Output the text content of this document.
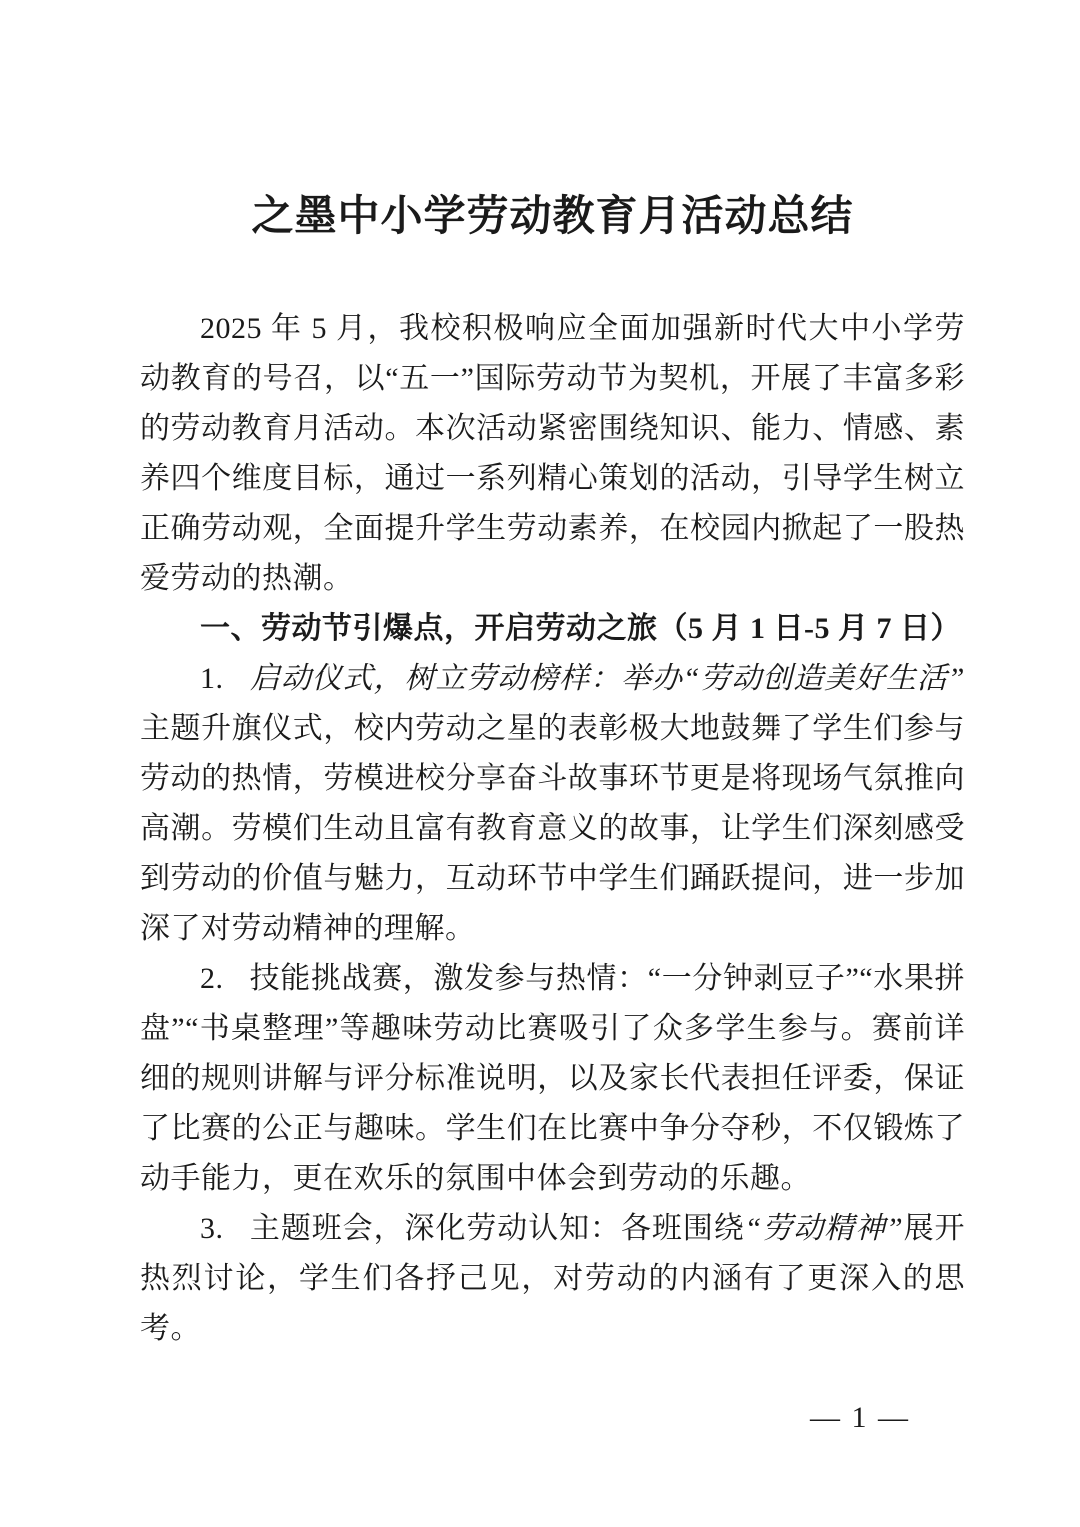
之墨中小学劳动教育月活动总结

2025 年 5 月，我校积极响应全面加强新时代大中小学劳动教育的号召，以“五一”国际劳动节为契机，开展了丰富多彩的劳动教育月活动。本次活动紧密围绕知识、能力、情感、素养四个维度目标，通过一系列精心策划的活动，引导学生树立正确劳动观，全面提升学生劳动素养，在校园内掀起了一股热爱劳动的热潮。

一、劳动节引爆点，开启劳动之旅（5 月 1 日-5 月 7 日）

1. 启动仪式，树立劳动榜样：举办“劳动创造美好生活”主题升旗仪式，校内劳动之星的表彰极大地鼓舞了学生们参与劳动的热情，劳模进校分享奋斗故事环节更是将现场气氛推向高潮。劳模们生动且富有教育意义的故事，让学生们深刻感受到劳动的价值与魅力，互动环节中学生们踊跃提问，进一步加深了对劳动精神的理解。

2. 技能挑战赛，激发参与热情：“一分钟剥豆子”“水果拼盘”“书桌整理”等趣味劳动比赛吸引了众多学生参与。赛前详细的规则讲解与评分标准说明，以及家长代表担任评委，保证了比赛的公正与趣味。学生们在比赛中争分夺秒，不仅锻炼了动手能力，更在欢乐的氛围中体会到劳动的乐趣。

3. 主题班会，深化劳动认知：各班围绕“劳动精神”展开热烈讨论，学生们各抒己见，对劳动的内涵有了更深入的思考。

— 1 —
